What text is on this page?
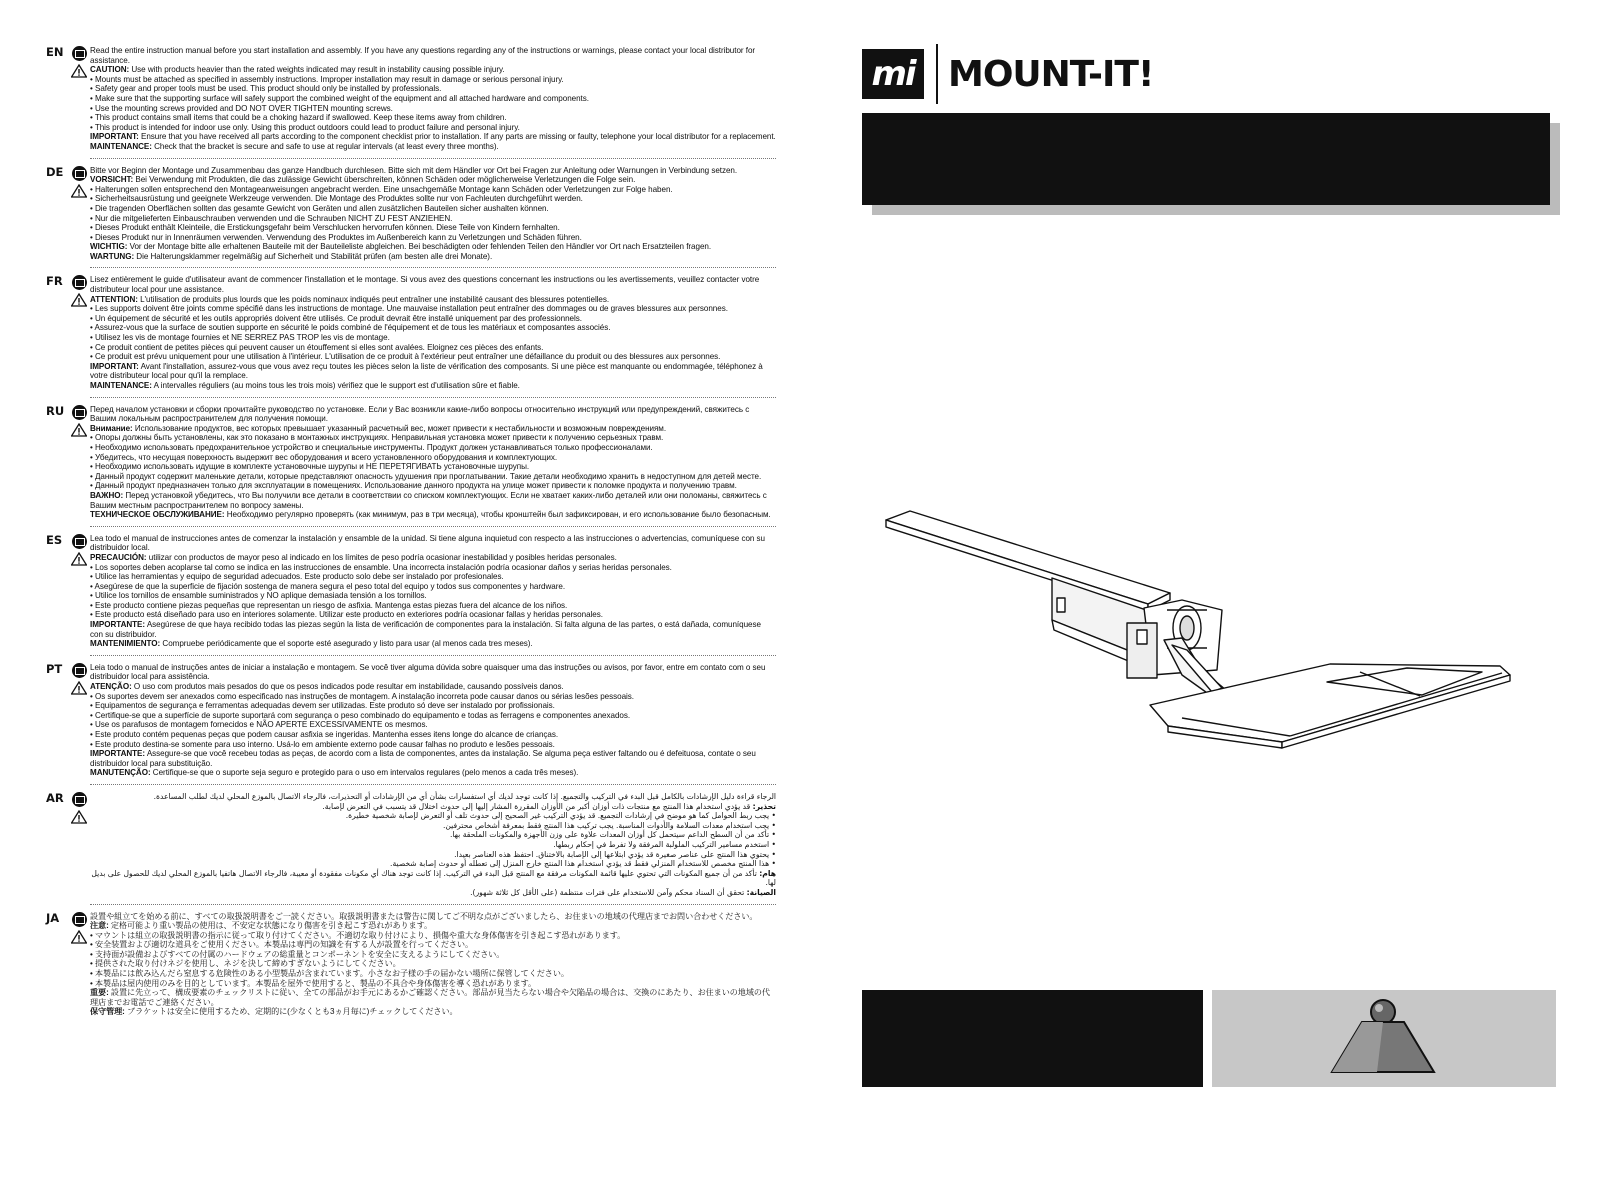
EN	Read the entire instruction manual before you start installation and assembly. If you have any questions regarding any of the instructions or warnings, please contact your local distributor for assistance.

CAUTION: Use with products heavier than the rated weights indicated may result in instability causing possible injury.

• Mounts must be attached as specified in assembly instructions. Improper installation may result in damage or serious personal injury.

• Safety gear and proper tools must be used. This product should only be installed by professionals.

• Make sure that the supporting surface will safely support the combined weight of the equipment and all attached hardware and components.

• Use the mounting screws provided and DO NOT OVER TIGHTEN mounting screws.

• This product contains small items that could be a choking hazard if swallowed. Keep these items away from children.

• This product is intended for indoor use only. Using this product outdoors could lead to product failure and personal injury.

IMPORTANT: Ensure that you have received all parts according to the component checklist prior to installation. If any parts are missing or faulty, telephone your local distributor for a replacement.

MAINTENANCE: Check that the bracket is secure and safe to use at regular intervals (at least every three months).

DE	Bitte vor Beginn der Montage und Zusammenbau das ganze Handbuch durchlesen. Bitte sich mit dem Händler vor Ort bei Fragen zur Anleitung oder Warnungen in Verbindung setzen.

VORSICHT: Bei Verwendung mit Produkten, die das zulässige Gewicht überschreiten, können Schäden oder möglicherweise Verletzungen die Folge sein.

• Halterungen sollen entsprechend den Montageanweisungen angebracht werden. Eine unsachgemäße Montage kann Schäden oder Verletzungen zur Folge haben.

• Sicherheitsausrüstung und geeignete Werkzeuge verwenden. Die Montage des Produktes sollte nur von Fachleuten durchgeführt werden.

• Die tragenden Oberflächen sollten das gesamte Gewicht von Geräten und allen zusätzlichen Bauteilen sicher aushalten können.

• Nur die mitgelieferten Einbauschrauben verwenden und die Schrauben NICHT ZU FEST ANZIEHEN.

• Dieses Produkt enthält Kleinteile, die Erstickungsgefahr beim Verschlucken hervorrufen können. Diese Teile von Kindern fernhalten.

• Dieses Produkt nur in Innenräumen verwenden. Verwendung des Produktes im Außenbereich kann zu Verletzungen und Schäden führen.

WICHTIG: Vor der Montage bitte alle erhaltenen Bauteile mit der Bauteileliste abgleichen. Bei beschädigten oder fehlenden Teilen den Händler vor Ort nach Ersatzteilen fragen.

WARTUNG: Die Halterungsklammer regelmäßig auf Sicherheit und Stabilität prüfen (am besten alle drei Monate).

FR	Lisez entièrement le guide d'utilisateur avant de commencer l'installation et le montage. Si vous avez des questions concernant les instructions ou les avertissements, veuillez contacter votre distributeur local pour une assistance.

ATTENTION: L'utilisation de produits plus lourds que les poids nominaux indiqués peut entraîner une instabilité causant des blessures potentielles.

• Les supports doivent être joints comme spécifié dans les instructions de montage. Une mauvaise installation peut entraîner des dommages ou de graves blessures aux personnes.

• Un équipement de sécurité et les outils appropriés doivent être utilisés. Ce produit devrait être installé uniquement par des professionnels.

• Assurez-vous que la surface de soutien supporte en sécurité le poids combiné de l'équipement et de tous les matériaux et composantes associés.

• Utilisez les vis de montage fournies et NE SERREZ PAS TROP les vis de montage.

• Ce produit contient de petites pièces qui peuvent causer un étouffement si elles sont avalées. Eloignez ces pièces des enfants.

• Ce produit est prévu uniquement pour une utilisation à l'intérieur. L'utilisation de ce produit à l'extérieur peut entraîner une défaillance du produit ou des blessures aux personnes.

IMPORTANT: Avant l'installation, assurez-vous que vous avez reçu toutes les pièces selon la liste de vérification des composants. Si une pièce est manquante ou endommagée, téléphonez à votre distributeur local pour qu'il la remplace.

MAINTENANCE: A intervalles réguliers (au moins tous les trois mois) vérifiez que le support est d'utilisation sûre et fiable.

RU	Перед началом установки и сборки прочитайте руководство по установке. Если у Вас возникли какие-либо вопросы относительно инструкций или предупреждений, свяжитесь с Вашим локальным распространителем для получения помощи.

Внимание: Использование продуктов, вес которых превышает указанный расчетный вес, может привести к нестабильности и возможным повреждениям.

• Опоры должны быть установлены, как это показано в монтажных инструкциях. Неправильная установка может привести к получению серьезных травм.

• Необходимо использовать предохранительное устройство и специальные инструменты. Продукт должен устанавливаться только профессионалами.

• Убедитесь, что несущая поверхность выдержит вес оборудования и всего установленного оборудования и комплектующих.

• Необходимо использовать идущие в комплекте установочные шурупы и НЕ ПЕРЕТЯГИВАТЬ установочные шурупы.

• Данный продукт содержит маленькие детали, которые представляют опасность удушения при проглатывании. Такие детали необходимо хранить в недоступном для детей месте.

• Данный продукт предназначен только для эксплуатации в помещениях. Использование данного продукта на улице может привести к поломке продукта и получению травм.

ВАЖНО: Перед установкой убедитесь, что Вы получили все детали в соответствии со списком комплектующих. Если не хватает каких-либо деталей или они поломаны, свяжитесь с Вашим местным распространителем по вопросу замены.

ТЕХНИЧЕСКОЕ ОБСЛУЖИВАНИЕ: Необходимо регулярно проверять (как минимум, раз в три месяца), чтобы кронштейн был зафиксирован, и его использование было безопасным.

ES	Lea todo el manual de instrucciones antes de comenzar la instalación y ensamble de la unidad. Si tiene alguna inquietud con respecto a las instrucciones o advertencias, comuníquese con su distribuidor local.

PRECAUCIÓN: utilizar con productos de mayor peso al indicado en los límites de peso podría ocasionar inestabilidad y posibles heridas personales.

• Los soportes deben acoplarse tal como se indica en las instrucciones de ensamble. Una incorrecta instalación podría ocasionar daños y serias heridas personales.

• Utilice las herramientas y equipo de seguridad adecuados. Este producto solo debe ser instalado por profesionales.

• Asegúrese de que la superficie de fijación sostenga de manera segura el peso total del equipo y todos sus componentes y hardware.

• Utilice los tornillos de ensamble suministrados y NO aplique demasiada tensión a los tornillos.

• Este producto contiene piezas pequeñas que representan un riesgo de asfixia. Mantenga estas piezas fuera del alcance de los niños.

• Este producto está diseñado para uso en interiores solamente. Utilizar este producto en exteriores podría ocasionar fallas y heridas personales.

IMPORTANTE: Asegúrese de que haya recibido todas las piezas según la lista de verificación de componentes para la instalación. Si falta alguna de las partes, o está dañada, comuníquese con su distribuidor.

MANTENIMIENTO: Compruebe periódicamente que el soporte esté asegurado y listo para usar (al menos cada tres meses).

PT	Leia todo o manual de instruções antes de iniciar a instalação e montagem. Se você tiver alguma dúvida sobre quaisquer uma das instruções ou avisos, por favor, entre em contato com o seu distribuidor local para assistência.

ATENÇÃO: O uso com produtos mais pesados do que os pesos indicados pode resultar em instabilidade, causando possíveis danos.

• Os suportes devem ser anexados como especificado nas instruções de montagem. A instalação incorreta pode causar danos ou sérias lesões pessoais.

• Equipamentos de segurança e ferramentas adequadas devem ser utilizadas. Este produto só deve ser instalado por profissionais.

• Certifique-se que a superfície de suporte suportará com segurança o peso combinado do equipamento e todas as ferragens e componentes anexados.

• Use os parafusos de montagem fornecidos e NÃO APERTE EXCESSIVAMENTE os mesmos.

• Este produto contém pequenas peças que podem causar asfixia se ingeridas. Mantenha esses itens longe do alcance de crianças.

• Este produto destina-se somente para uso interno. Usá-lo em ambiente externo pode causar falhas no produto e lesões pessoais.

IMPORTANTE: Assegure-se que você recebeu todas as peças, de acordo com a lista de componentes, antes da instalação. Se alguma peça estiver faltando ou é defeituosa, contate o seu distribuidor local para substituição.

MANUTENÇÃO: Certifique-se que o suporte seja seguro e protegido para o uso em intervalos regulares (pelo menos a cada três meses).

AR	الرجاء قراءة دليل الإرشادات بالكامل قبل البدء في التركيب والتجميع. إذا كانت توجد لديك أي استفسارات بشأن أي من الإرشادات أو التحذيرات، فالرجاء الاتصال بالموزع المحلي لديك لطلب المساعدة.

تحذير: قد يؤدي استخدام هذا المنتج مع منتجات ذات أوزان أكبر من الأوزان المقررة المشار إليها إلى حدوث اختلال قد يتسبب في التعرض لإصابة.

• يجب ربط الحوامل كما هو موضح في إرشادات التجميع. قد يؤدي التركيب غير الصحيح إلى حدوث تلف أو التعرض لإصابة شخصية خطيرة.

• يجب استخدام معدات السلامة والأدوات المناسبة. يجب تركيب هذا المنتج فقط بمعرفة أشخاص محترفين.

• تأكد من أن السطح الداعم سيتحمل كل أوزان المعدات علاوة على وزن الأجهزة والمكونات الملحقة بها.

• استخدم مسامير التركيب الملولبة المرفقة ولا تفرط في إحكام ربطها.

• يحتوي هذا المنتج على عناصر صغيرة قد يؤدي ابتلاعها إلى الإصابة بالاختناق. احتفظ هذه العناصر بعيدا.

• هذا المنتج مخصص للاستخدام المنزلي فقط قد يؤدي استخدام هذا المنتج خارج المنزل إلى تعطله أو حدوث إصابة شخصية.

هام: تأكد من أن جميع المكونات التي تحتوي عليها قائمة المكونات مرفقة مع المنتج قبل البدء في التركيب. إذا كانت توجد هناك أي مكونات مفقودة أو معيبة، فالرجاء الاتصال هاتفيا بالموزع المحلي لديك للحصول على بديل لها.

الصيانة: تحقق أن السناد محكم وآمن للاستخدام على فترات منتظمة (على الأقل كل ثلاثة شهور).

JA	設置や組立てを始める前に、すべての取扱説明書をご一読ください。取扱説明書または警告に関してご不明な点がございましたら、お住まいの地域の代理店までお問い合わせください。

注意: 定格可能より重い製品の使用は、不安定な状態になり傷害を引き起こす恐れがあります。

• マウントは組立の取扱説明書の指示に従って取り付けてください。不適切な取り付けにより、損傷や重大な身体傷害を引き起こす恐れがあります。

• 安全装置および適切な道具をご使用ください。本製品は専門の知識を有する人が設置を行ってください。

• 支持面が設備およびすべての付属のハードウェアの総重量とコンポーネントを安全に支えるようにしてください。

• 提供された取り付けネジを使用し、ネジを決して締めすぎないようにしてください。

• 本製品には飲み込んだら窒息する危険性のある小型製品が含まれています。小さなお子様の手の届かない場所に保管してください。

• 本製品は屋内使用のみを目的としています。本製品を屋外で使用すると、製品の不具合や身体傷害を導く恐れがあります。

重要: 設置に先立って、構成要素のチェックリストに従い、全ての部品がお手元にあるかご確認ください。部品が見当たらない場合や欠陥品の場合は、交換のにあたり、お住まいの地域の代理店までお電話でご連絡ください。

保守管理: ブラケットは安全に使用するため、定期的に(少なくとも3ヵ月毎に)チェックしてください。

mi MOUNT-IT!
